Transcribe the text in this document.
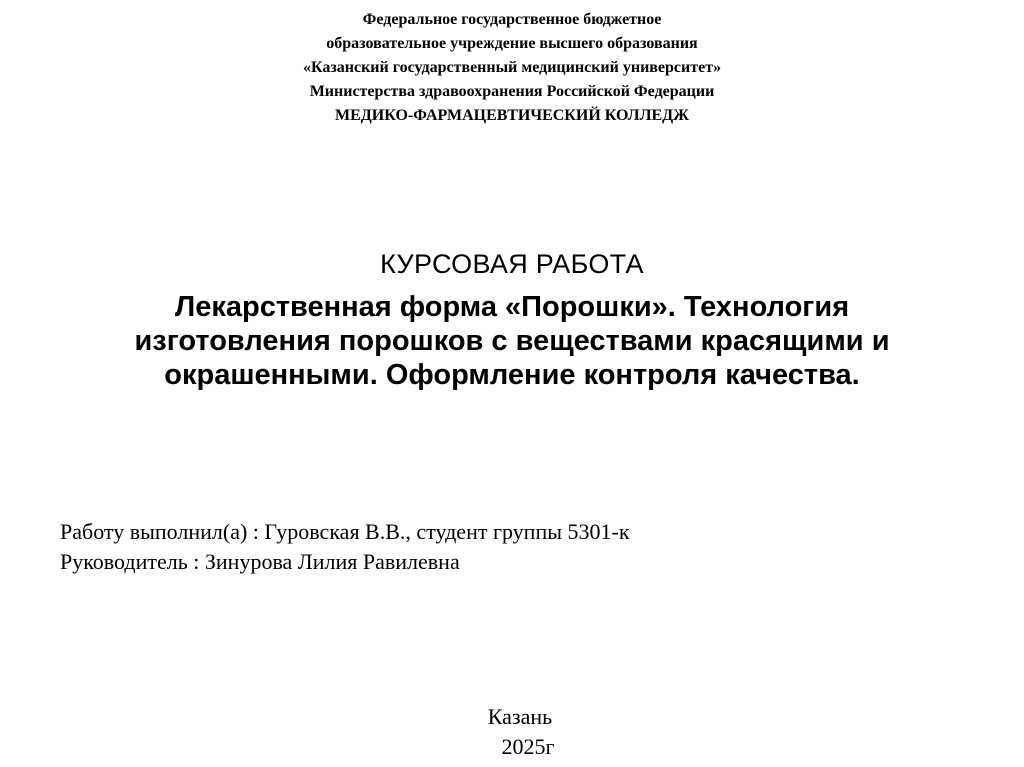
Федеральное государственное бюджетное
образовательное учреждение высшего образования
«Казанский государственный медицинский университет»
Министерства здравоохранения Российской Федерации
МЕДИКО-ФАРМАЦЕВТИЧЕСКИЙ КОЛЛЕДЖ
КУРСОВАЯ РАБОТА
Лекарственная форма «Порошки». Технология
изготовления порошков с веществами красящими и
окрашенными. Оформление контроля качества.
Работу выполнил(а) : Гуровская В.В., студент группы 5301-к
Руководитель : Зинурова Лилия Равилевна
Казань
2025г
